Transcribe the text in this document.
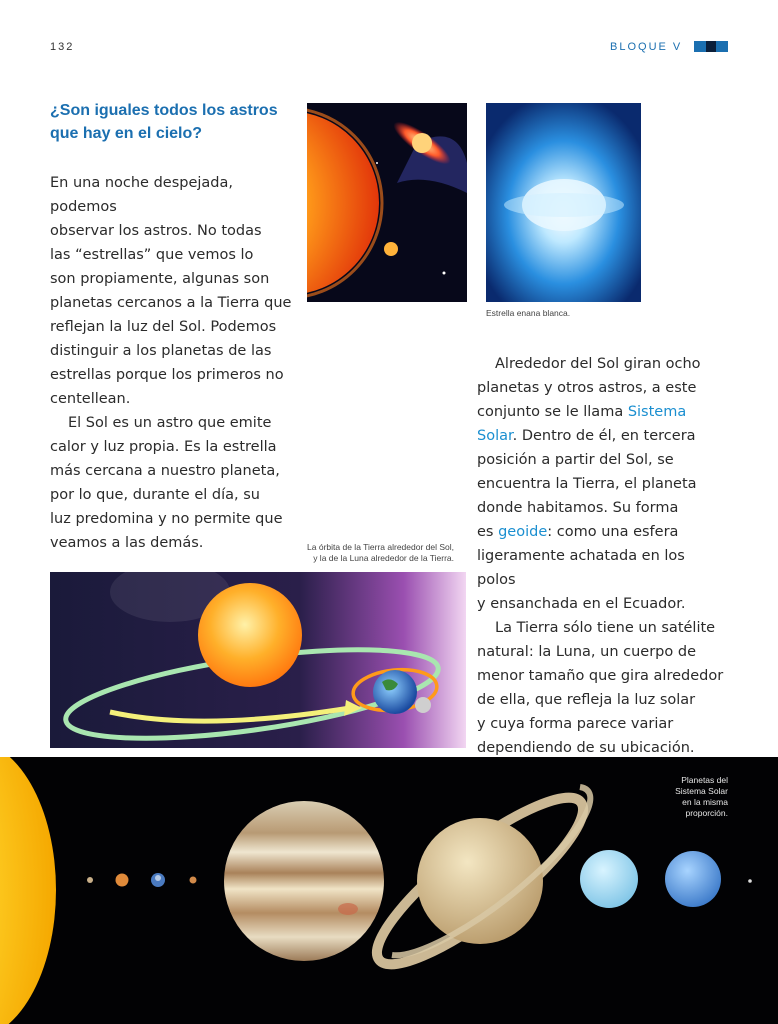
132	BLOQUE V
¿Son iguales todos los astros
que hay en el cielo?
En una noche despejada, podemos
observar los astros. No todas
las “estrellas” que vemos lo
son propiamente, algunas son
planetas cercanos a la Tierra que
reflejan la luz del Sol. Podemos
distinguir a los planetas de las
estrellas porque los primeros no
centellean.
El Sol es un astro que emite
calor y luz propia. Es la estrella
más cercana a nuestro planeta,
por lo que, durante el día, su
luz predomina y no permite que
veamos a las demás.
Estrella enana blanca.
Alrededor del Sol giran ocho
planetas y otros astros, a este
conjunto se le llama Sistema
Solar. Dentro de él, en tercera
posición a partir del Sol, se
encuentra la Tierra, el planeta
donde habitamos. Su forma
es geoide: como una esfera
ligeramente achatada en los polos
y ensanchada en el Ecuador.
La Tierra sólo tiene un satélite
natural: la Luna, un cuerpo de
menor tamaño que gira alrededor
de ella, que refleja la luz solar
y cuya forma parece variar
dependiendo de su ubicación.
La órbita de la Tierra alrededor del Sol,
y la de la Luna alrededor de la Tierra.
Planetas del
Sistema Solar
en la misma
proporción.
